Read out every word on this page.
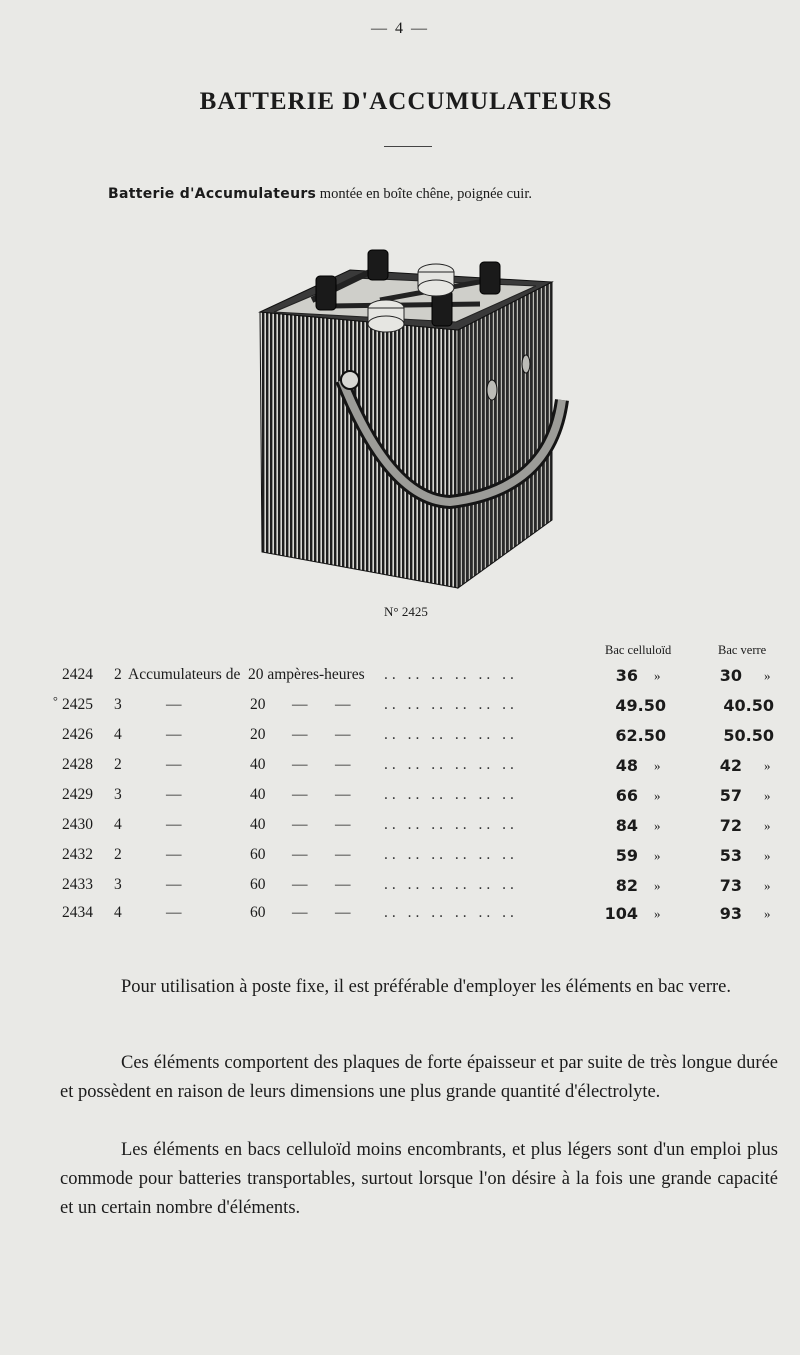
— 4 —
BATTERIE D'ACCUMULATEURS
Batterie d'Accumulateurs montée en boîte chêne, poignée cuir.
N° 2425
Bac celluloïd	Bac verre
2424 2 Accumulateurs de 20 ampères-heures .. .. .. .. .. ..	36 »	30 »
° 2425 3	—	20 — — .. .. .. .. .. ..	49.50	40.50
2426 4	—	20 — — .. .. .. .. .. ..	62.50	50.50
2428 2	—	40 — — .. .. .. .. .. ..	48 »	42 »
2429 3	—	40 — — .. .. .. .. .. ..	66 »	57 »
2430 4	—	40 — — .. .. .. .. .. ..	84 »	72 »
2432 2	—	60 — — .. .. .. .. .. ..	59 »	53 »
2433 3	—	60 — — .. .. .. .. .. ..	82 »	73 »
2434 4	—	60 — — .. .. .. .. .. ..	104 »	93 »

Pour utilisation à poste fixe, il est préférable d'employer les éléments en bac verre.

Ces éléments comportent des plaques de forte épaisseur et par suite de très longue durée et possèdent en raison de leurs dimensions une plus grande quantité d'électrolyte.

Les éléments en bacs celluloïd moins encombrants, et plus légers sont d'un emploi plus commode pour batteries transportables, surtout lorsque l'on désire à la fois une grande capacité et un certain nombre d'éléments.
